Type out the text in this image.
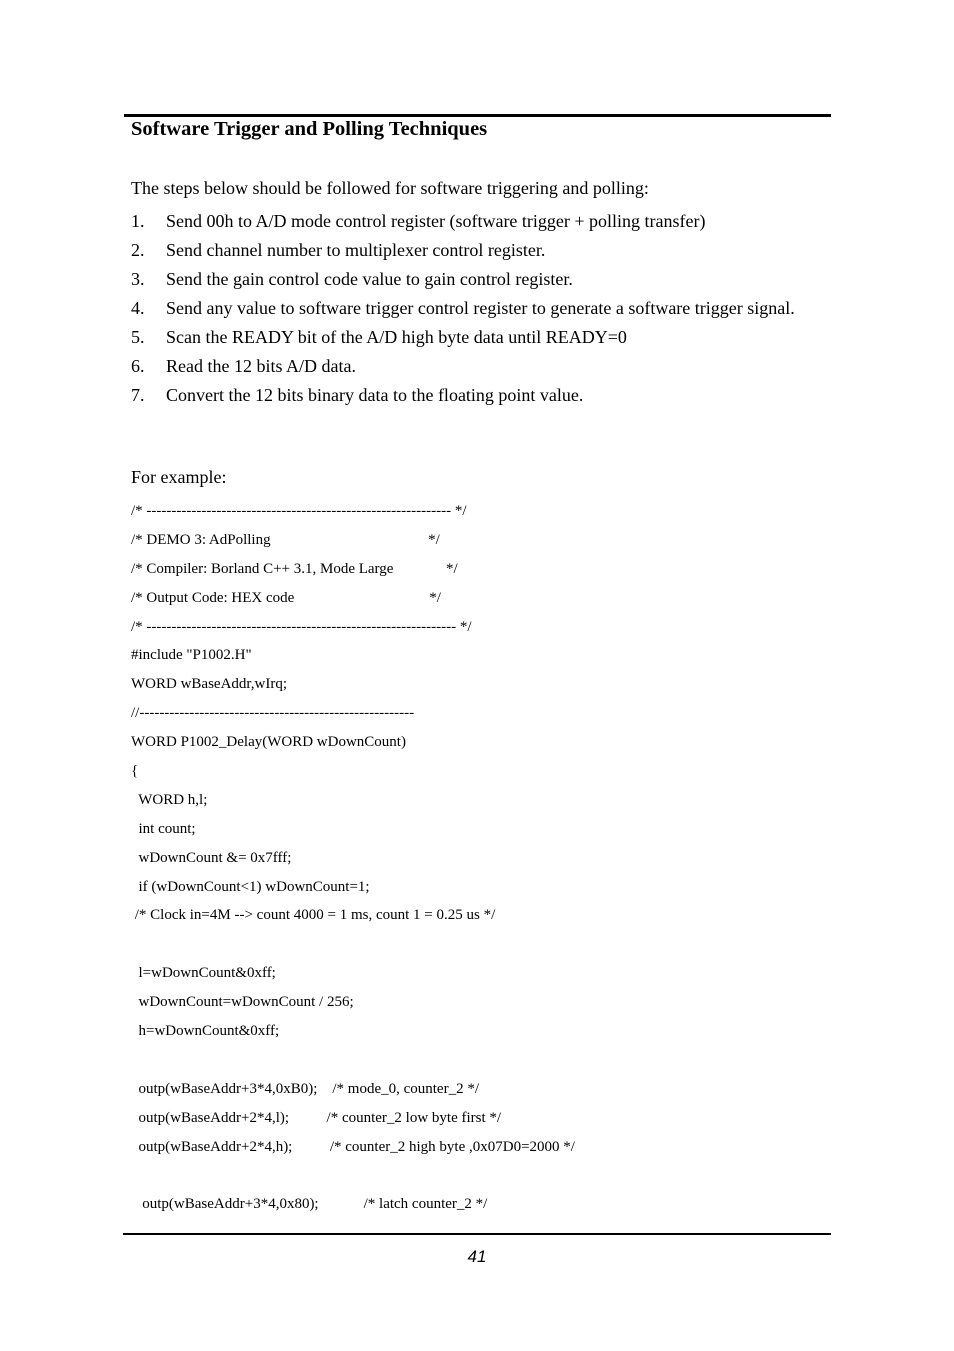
Software Trigger and Polling Techniques
The steps below should be followed for software triggering and polling:
1.	Send 00h to A/D mode control register (software trigger + polling transfer)
2.	Send channel number to multiplexer control register.
3.	Send the gain control code value to gain control register.
4.	Send any value to software trigger control register to generate a software trigger signal.
5.	Scan the READY bit of the A/D high byte data until READY=0
6.	Read the 12 bits A/D data.
7.	Convert the 12 bits binary data to the floating point value.
For example:
/* ------------------------------------------------------------- */
/* DEMO 3: AdPolling                                          */
/* Compiler: Borland C++ 3.1, Mode Large              */
/* Output Code: HEX code                                    */
/* -------------------------------------------------------------- */
#include "P1002.H"
WORD wBaseAddr,wIrq;
//-------------------------------------------------------
WORD P1002_Delay(WORD wDownCount)
{
WORD h,l;
int count;
wDownCount &= 0x7fff;
if (wDownCount<1) wDownCount=1;
/* Clock in=4M --> count 4000 = 1 ms, count 1 = 0.25 us */
l=wDownCount&0xff;
wDownCount=wDownCount / 256;
h=wDownCount&0xff;
outp(wBaseAddr+3*4,0xB0);    /* mode_0, counter_2 */
outp(wBaseAddr+2*4,l);          /* counter_2 low byte first */
outp(wBaseAddr+2*4,h);          /* counter_2 high byte ,0x07D0=2000 */
outp(wBaseAddr+3*4,0x80);            /* latch counter_2 */
41
